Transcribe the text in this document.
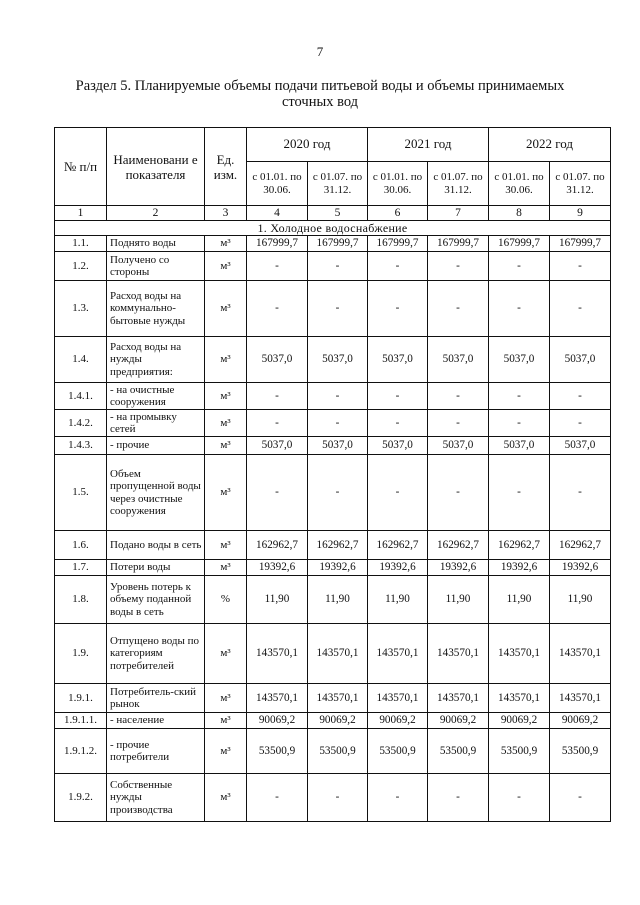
7
Раздел 5. Планируемые объемы подачи питьевой воды и объемы принимаемых сточных вод
№ п/п	Наименовани е показателя	Ед. изм.	2020 год		2021 год		2022 год	
			с 01.01. по 30.06.	с 01.07. по 31.12.	с 01.01. по 30.06.	с 01.07. по 31.12.	с 01.01. по 30.06.	с 01.07. по 31.12.
1	2	3	4	5	6	7	8	9
1. Холодное водоснабжение								
1.1.	Поднято воды	м³	167999,7	167999,7	167999,7	167999,7	167999,7	167999,7
1.2.	Получено со стороны	м³	-	-	-	-	-	-
1.3.	Расход воды на коммунально-бытовые нужды	м³	-	-	-	-	-	-
1.4.	Расход воды на нужды предприятия:	м³	5037,0	5037,0	5037,0	5037,0	5037,0	5037,0
1.4.1.	- на очистные сооружения	м³	-	-	-	-	-	-
1.4.2.	- на промывку сетей	м³	-	-	-	-	-	-
1.4.3.	- прочие	м³	5037,0	5037,0	5037,0	5037,0	5037,0	5037,0
1.5.	Объем пропущенной воды через очистные сооружения	м³	-	-	-	-	-	-
1.6.	Подано воды в сеть	м³	162962,7	162962,7	162962,7	162962,7	162962,7	162962,7
1.7.	Потери воды	м³	19392,6	19392,6	19392,6	19392,6	19392,6	19392,6
1.8.	Уровень потерь к объему поданной воды в сеть	%	11,90	11,90	11,90	11,90	11,90	11,90
1.9.	Отпущено воды по категориям потребителей	м³	143570,1	143570,1	143570,1	143570,1	143570,1	143570,1
1.9.1.	Потребитель-ский рынок	м³	143570,1	143570,1	143570,1	143570,1	143570,1	143570,1
1.9.1.1.	- население	м³	90069,2	90069,2	90069,2	90069,2	90069,2	90069,2
1.9.1.2.	- прочие потребители	м³	53500,9	53500,9	53500,9	53500,9	53500,9	53500,9
1.9.2.	Собственные нужды производства	м³	-	-	-	-	-	-
